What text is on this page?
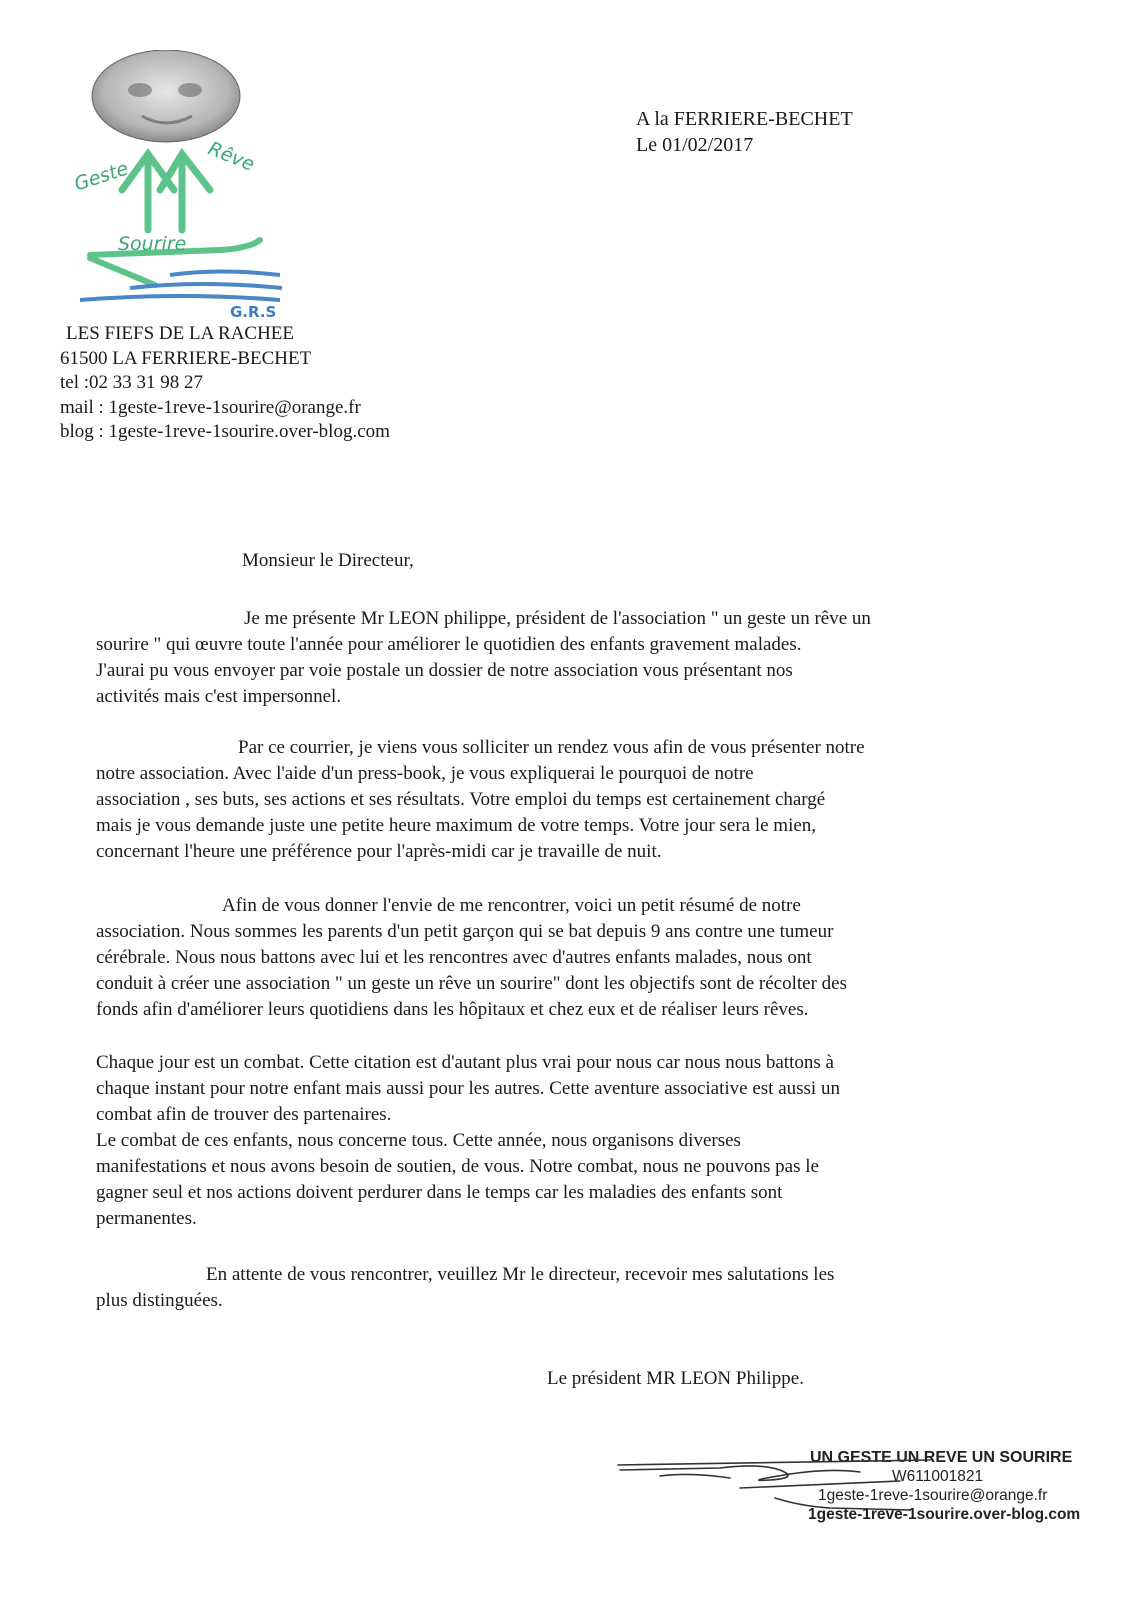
Geste
Rêve
Sourire
G.R.S
LES FIEFS DE LA RACHEE
61500 LA FERRIERE-BECHET
tel :02 33 31 98 27
mail : 1geste-1reve-1sourire@orange.fr
blog : 1geste-1reve-1sourire.over-blog.com
A la FERRIERE-BECHET
Le 01/02/2017
Monsieur le Directeur,

Je me présente Mr LEON philippe, président de l'association " un geste un rêve un
sourire " qui œuvre toute l'année pour améliorer le quotidien des enfants gravement malades.
J'aurai pu vous envoyer par voie postale un dossier de notre association vous présentant nos
activités mais c'est impersonnel.

Par ce courrier, je viens vous solliciter un rendez vous afin de vous présenter notre
notre association. Avec l'aide d'un press-book, je vous expliquerai le pourquoi de notre
association , ses buts, ses actions et ses résultats. Votre emploi du temps est certainement chargé
mais je vous demande juste une petite heure maximum de votre temps. Votre jour sera le mien,
concernant l'heure une préférence pour l'après-midi car je travaille de nuit.

Afin de vous donner l'envie de me rencontrer, voici un petit résumé de notre
association. Nous sommes les parents d'un petit garçon qui se bat depuis 9 ans contre une tumeur
cérébrale. Nous nous battons avec lui et les rencontres avec d'autres enfants malades, nous ont
conduit à créer une association " un geste un rêve un sourire" dont les objectifs sont de récolter des
fonds afin d'améliorer leurs quotidiens dans les hôpitaux et chez eux et de réaliser leurs rêves.

Chaque jour est un combat. Cette citation est d'autant plus vrai pour nous car nous nous battons à
chaque instant pour notre enfant mais aussi pour les autres. Cette aventure associative est aussi un
combat afin de trouver des partenaires.
Le combat de ces enfants, nous concerne tous. Cette année, nous organisons diverses
manifestations et nous avons besoin de soutien, de vous. Notre combat, nous ne pouvons pas le
gagner seul et nos actions doivent perdurer dans le temps car les maladies des enfants sont
permanentes.

En attente de vous rencontrer, veuillez Mr le directeur, recevoir mes salutations les
plus distinguées.

Le président MR LEON Philippe.
UN GESTE UN REVE UN SOURIRE
W611001821
1geste-1reve-1sourire@orange.fr
1geste-1reve-1sourire.over-blog.com
